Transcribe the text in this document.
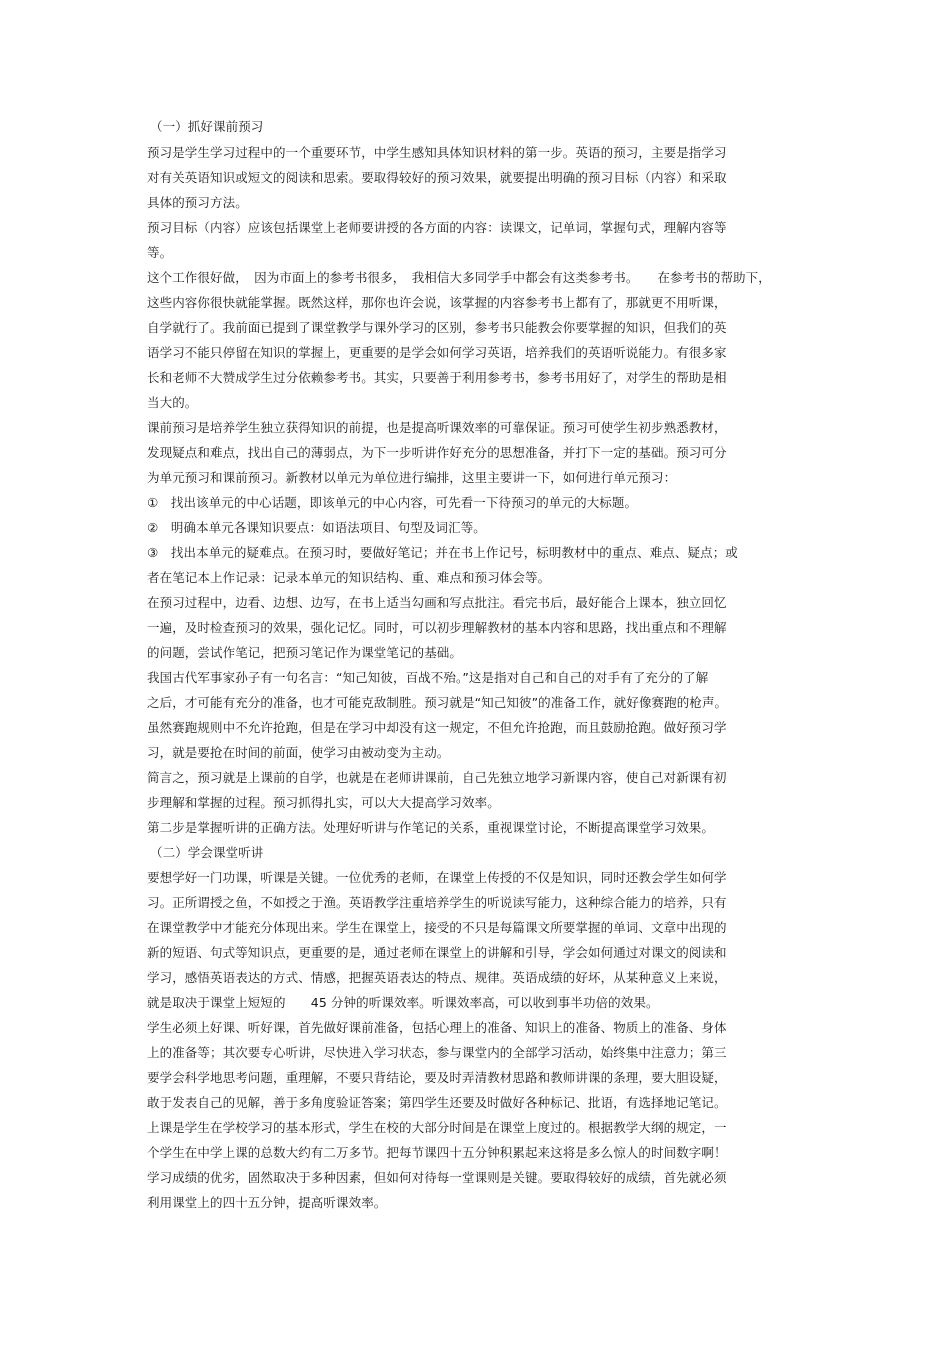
（一）抓好课前预习
预习是学生学习过程中的一个重要环节，中学生感知具体知识材料的第一步。英语的预习，主要是指学习
对有关英语知识或短文的阅读和思索。要取得较好的预习效果，就要提出明确的预习目标（内容）和采取
具体的预习方法。
预习目标（内容）应该包括课堂上老师要讲授的各方面的内容：读课文，记单词，掌握句式，理解内容等
等。
这个工作很好做，　因为市面上的参考书很多，　我相信大多同学手中都会有这类参考书。　　在参考书的帮助下，
这些内容你很快就能掌握。既然这样，那你也许会说，该掌握的内容参考书上都有了，那就更不用听课，
自学就行了。我前面已提到了课堂教学与课外学习的区别，参考书只能教会你要掌握的知识，但我们的英
语学习不能只停留在知识的掌握上，更重要的是学会如何学习英语，培养我们的英语听说能力。有很多家
长和老师不大赞成学生过分依赖参考书。其实，只要善于利用参考书，参考书用好了，对学生的帮助是相
当大的。
课前预习是培养学生独立获得知识的前提，也是提高听课效率的可靠保证。预习可使学生初步熟悉教材，
发现疑点和难点，找出自己的薄弱点，为下一步听讲作好充分的思想准备，并打下一定的基础。预习可分
为单元预习和课前预习。新教材以单元为单位进行编排，这里主要讲一下，如何进行单元预习：
①　找出该单元的中心话题，即该单元的中心内容，可先看一下待预习的单元的大标题。
②　明确本单元各课知识要点：如语法项目、句型及词汇等。
③　找出本单元的疑难点。在预习时，要做好笔记；并在书上作记号，标明教材中的重点、难点、疑点；或
者在笔记本上作记录：记录本单元的知识结构、重、难点和预习体会等。
在预习过程中，边看、边想、边写，在书上适当勾画和写点批注。看完书后，最好能合上课本，独立回忆
一遍，及时检查预习的效果，强化记忆。同时，可以初步理解教材的基本内容和思路，找出重点和不理解
的问题，尝试作笔记，把预习笔记作为课堂笔记的基础。
我国古代军事家孙子有一句名言：“知己知彼，百战不殆。”这是指对自己和自己的对手有了充分的了解
之后，才可能有充分的准备，也才可能克敌制胜。预习就是“知己知彼”的准备工作，就好像赛跑的枪声。
虽然赛跑规则中不允许抢跑，但是在学习中却没有这一规定，不但允许抢跑，而且鼓励抢跑。做好预习学
习，就是要抢在时间的前面，使学习由被动变为主动。
简言之，预习就是上课前的自学，也就是在老师讲课前，自己先独立地学习新课内容，使自己对新课有初
步理解和掌握的过程。预习抓得扎实，可以大大提高学习效率。
第二步是掌握听讲的正确方法。处理好听讲与作笔记的关系，重视课堂讨论，不断提高课堂学习效果。
（二）学会课堂听讲
要想学好一门功课，听课是关键。一位优秀的老师，在课堂上传授的不仅是知识，同时还教会学生如何学
习。正所谓授之鱼，不如授之于渔。英语教学注重培养学生的听说读写能力，这种综合能力的培养，只有
在课堂教学中才能充分体现出来。学生在课堂上，接受的不只是每篇课文所要掌握的单词、文章中出现的
新的短语、句式等知识点，更重要的是，通过老师在课堂上的讲解和引导，学会如何通过对课文的阅读和
学习，感悟英语表达的方式、情感，把握英语表达的特点、规律。英语成绩的好坏，从某种意义上来说，
就是取决于课堂上短短的　　45 分钟的听课效率。听课效率高，可以收到事半功倍的效果。
学生必须上好课、听好课，首先做好课前准备，包括心理上的准备、知识上的准备、物质上的准备、身体
上的准备等；其次要专心听讲，尽快进入学习状态，参与课堂内的全部学习活动，始终集中注意力；第三
要学会科学地思考问题，重理解，不要只背结论，要及时弄清教材思路和教师讲课的条理，要大胆设疑，
敢于发表自己的见解，善于多角度验证答案；第四学生还要及时做好各种标记、批语，有选择地记笔记。
上课是学生在学校学习的基本形式，学生在校的大部分时间是在课堂上度过的。根据教学大纲的规定，一
个学生在中学上课的总数大约有二万多节。把每节课四十五分钟积累起来这将是多么惊人的时间数字啊！
学习成绩的优劣，固然取决于多种因素，但如何对待每一堂课则是关键。要取得较好的成绩，首先就必须
利用课堂上的四十五分钟，提高听课效率。
